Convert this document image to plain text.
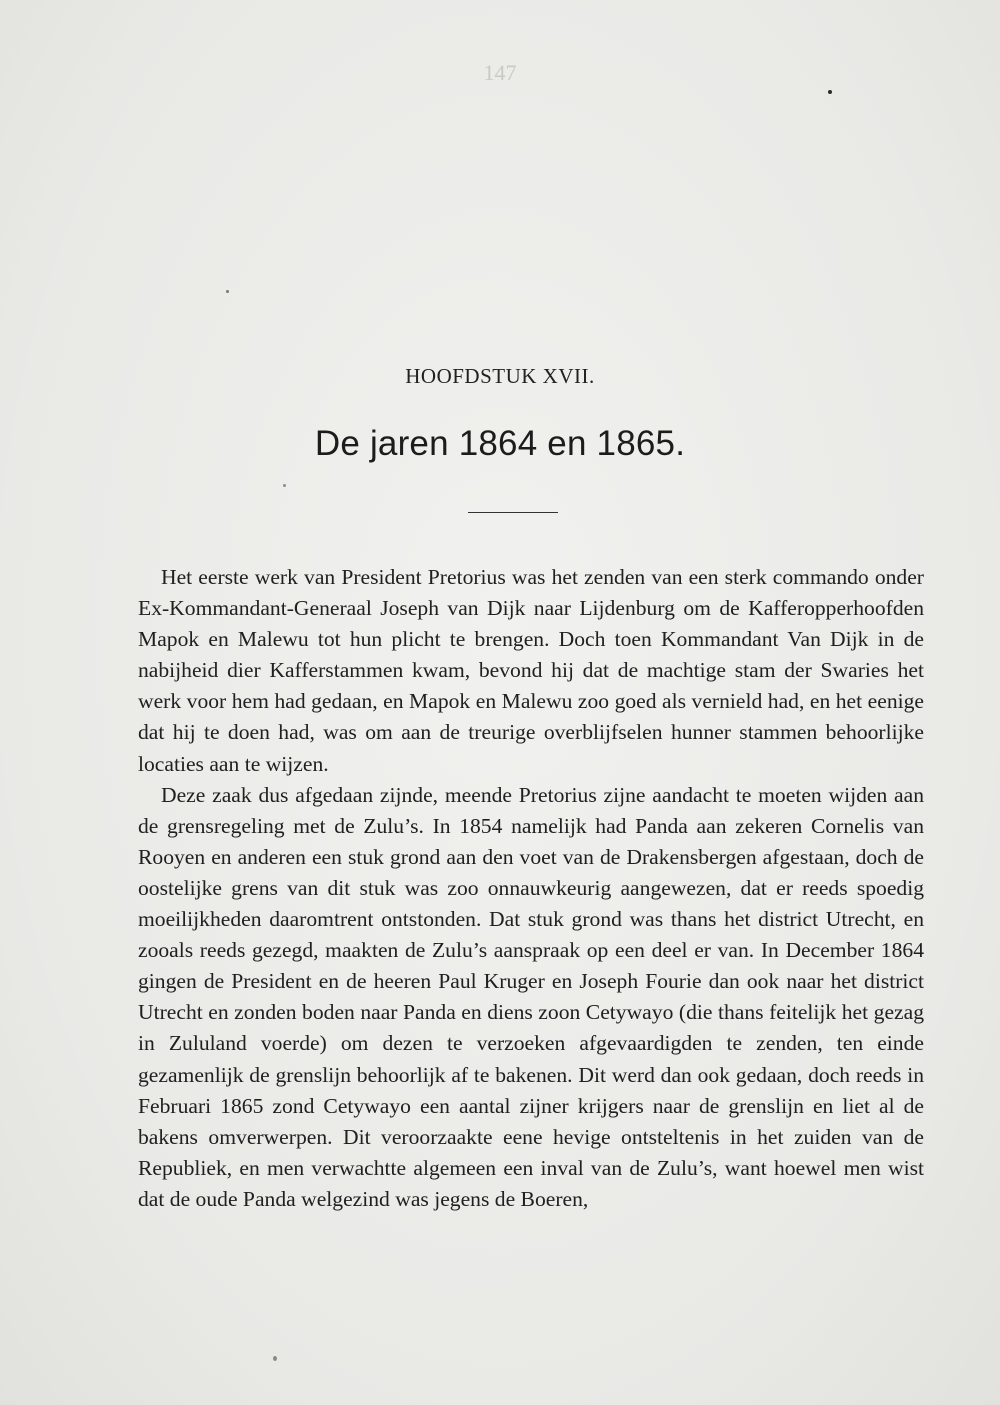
147
HOOFDSTUK XVII.
De jaren 1864 en 1865.

Het eerste werk van President Pretorius was het zenden van een sterk commando onder Ex-Kommandant-Generaal Joseph van Dijk naar Lijdenburg om de Kafferopperhoofden Mapok en Malewu tot hun plicht te brengen. Doch toen Kommandant Van Dijk in de nabijheid dier Kafferstammen kwam, bevond hij dat de machtige stam der Swaries het werk voor hem had gedaan, en Mapok en Malewu zoo goed als vernield had, en het eenige dat hij te doen had, was om aan de treurige overblijfselen hunner stammen behoorlijke locaties aan te wijzen.

Deze zaak dus afgedaan zijnde, meende Pretorius zijne aandacht te moeten wijden aan de grensregeling met de Zulu’s. In 1854 namelijk had Panda aan zekeren Cornelis van Rooyen en anderen een stuk grond aan den voet van de Drakensbergen afgestaan, doch de oostelijke grens van dit stuk was zoo onnauwkeurig aangewezen, dat er reeds spoedig moeilijkheden daaromtrent ontstonden. Dat stuk grond was thans het district Utrecht, en zooals reeds gezegd, maakten de Zulu’s aanspraak op een deel er van. In December 1864 gingen de President en de heeren Paul Kruger en Joseph Fourie dan ook naar het district Utrecht en zonden boden naar Panda en diens zoon Cetywayo (die thans feitelijk het gezag in Zululand voerde) om dezen te verzoeken afgevaardigden te zenden, ten einde gezamenlijk de grenslijn behoorlijk af te bakenen. Dit werd dan ook gedaan, doch reeds in Februari 1865 zond Cetywayo een aantal zijner krijgers naar de grenslijn en liet al de bakens omverwerpen. Dit veroorzaakte eene hevige ontsteltenis in het zuiden van de Republiek, en men verwachtte algemeen een inval van de Zulu’s, want hoewel men wist dat de oude Panda welgezind was jegens de Boeren,
